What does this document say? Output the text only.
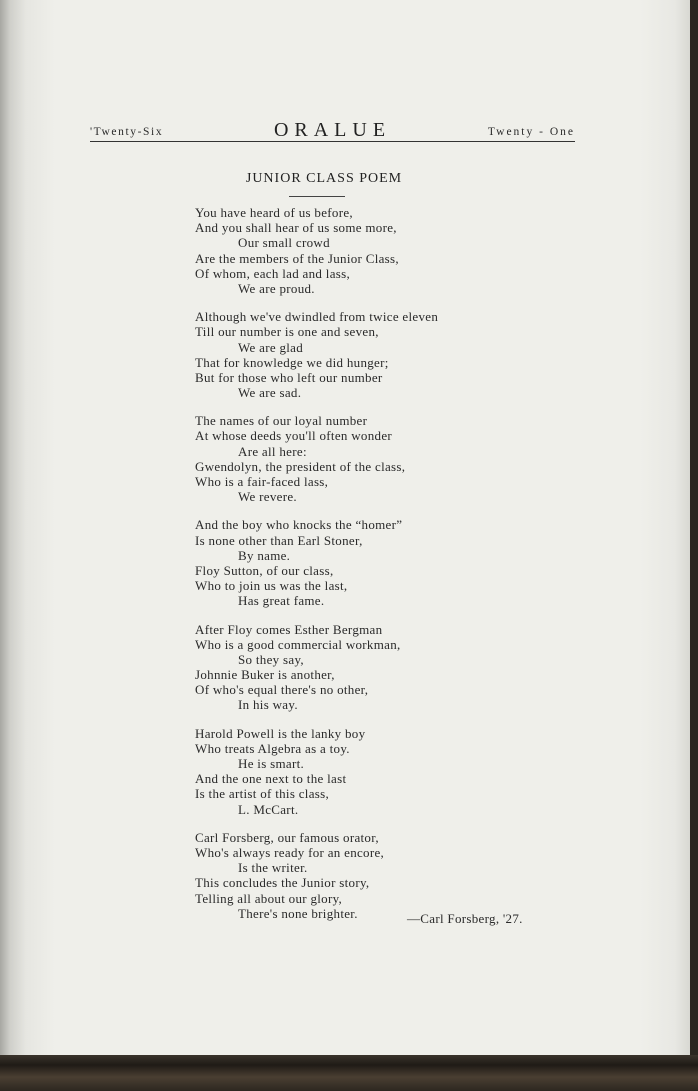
'Twenty-Six	ORALUE	Twenty - One
JUNIOR CLASS POEM
You have heard of us before,
And you shall hear of us some more,
Our small crowd
Are the members of the Junior Class,
Of whom, each lad and lass,
We are proud.
Although we've dwindled from twice eleven
Till our number is one and seven,
We are glad
That for knowledge we did hunger;
But for those who left our number
We are sad.
The names of our loyal number
At whose deeds you'll often wonder
Are all here:
Gwendolyn, the president of the class,
Who is a fair-faced lass,
We revere.
And the boy who knocks the “homer”
Is none other than Earl Stoner,
By name.
Floy Sutton, of our class,
Who to join us was the last,
Has great fame.
After Floy comes Esther Bergman
Who is a good commercial workman,
So they say,
Johnnie Buker is another,
Of who's equal there's no other,
In his way.
Harold Powell is the lanky boy
Who treats Algebra as a toy.
He is smart.
And the one next to the last
Is the artist of this class,
L. McCart.
Carl Forsberg, our famous orator,
Who's always ready for an encore,
Is the writer.
This concludes the Junior story,
Telling all about our glory,
There's none brighter.	—Carl Forsberg, '27.
